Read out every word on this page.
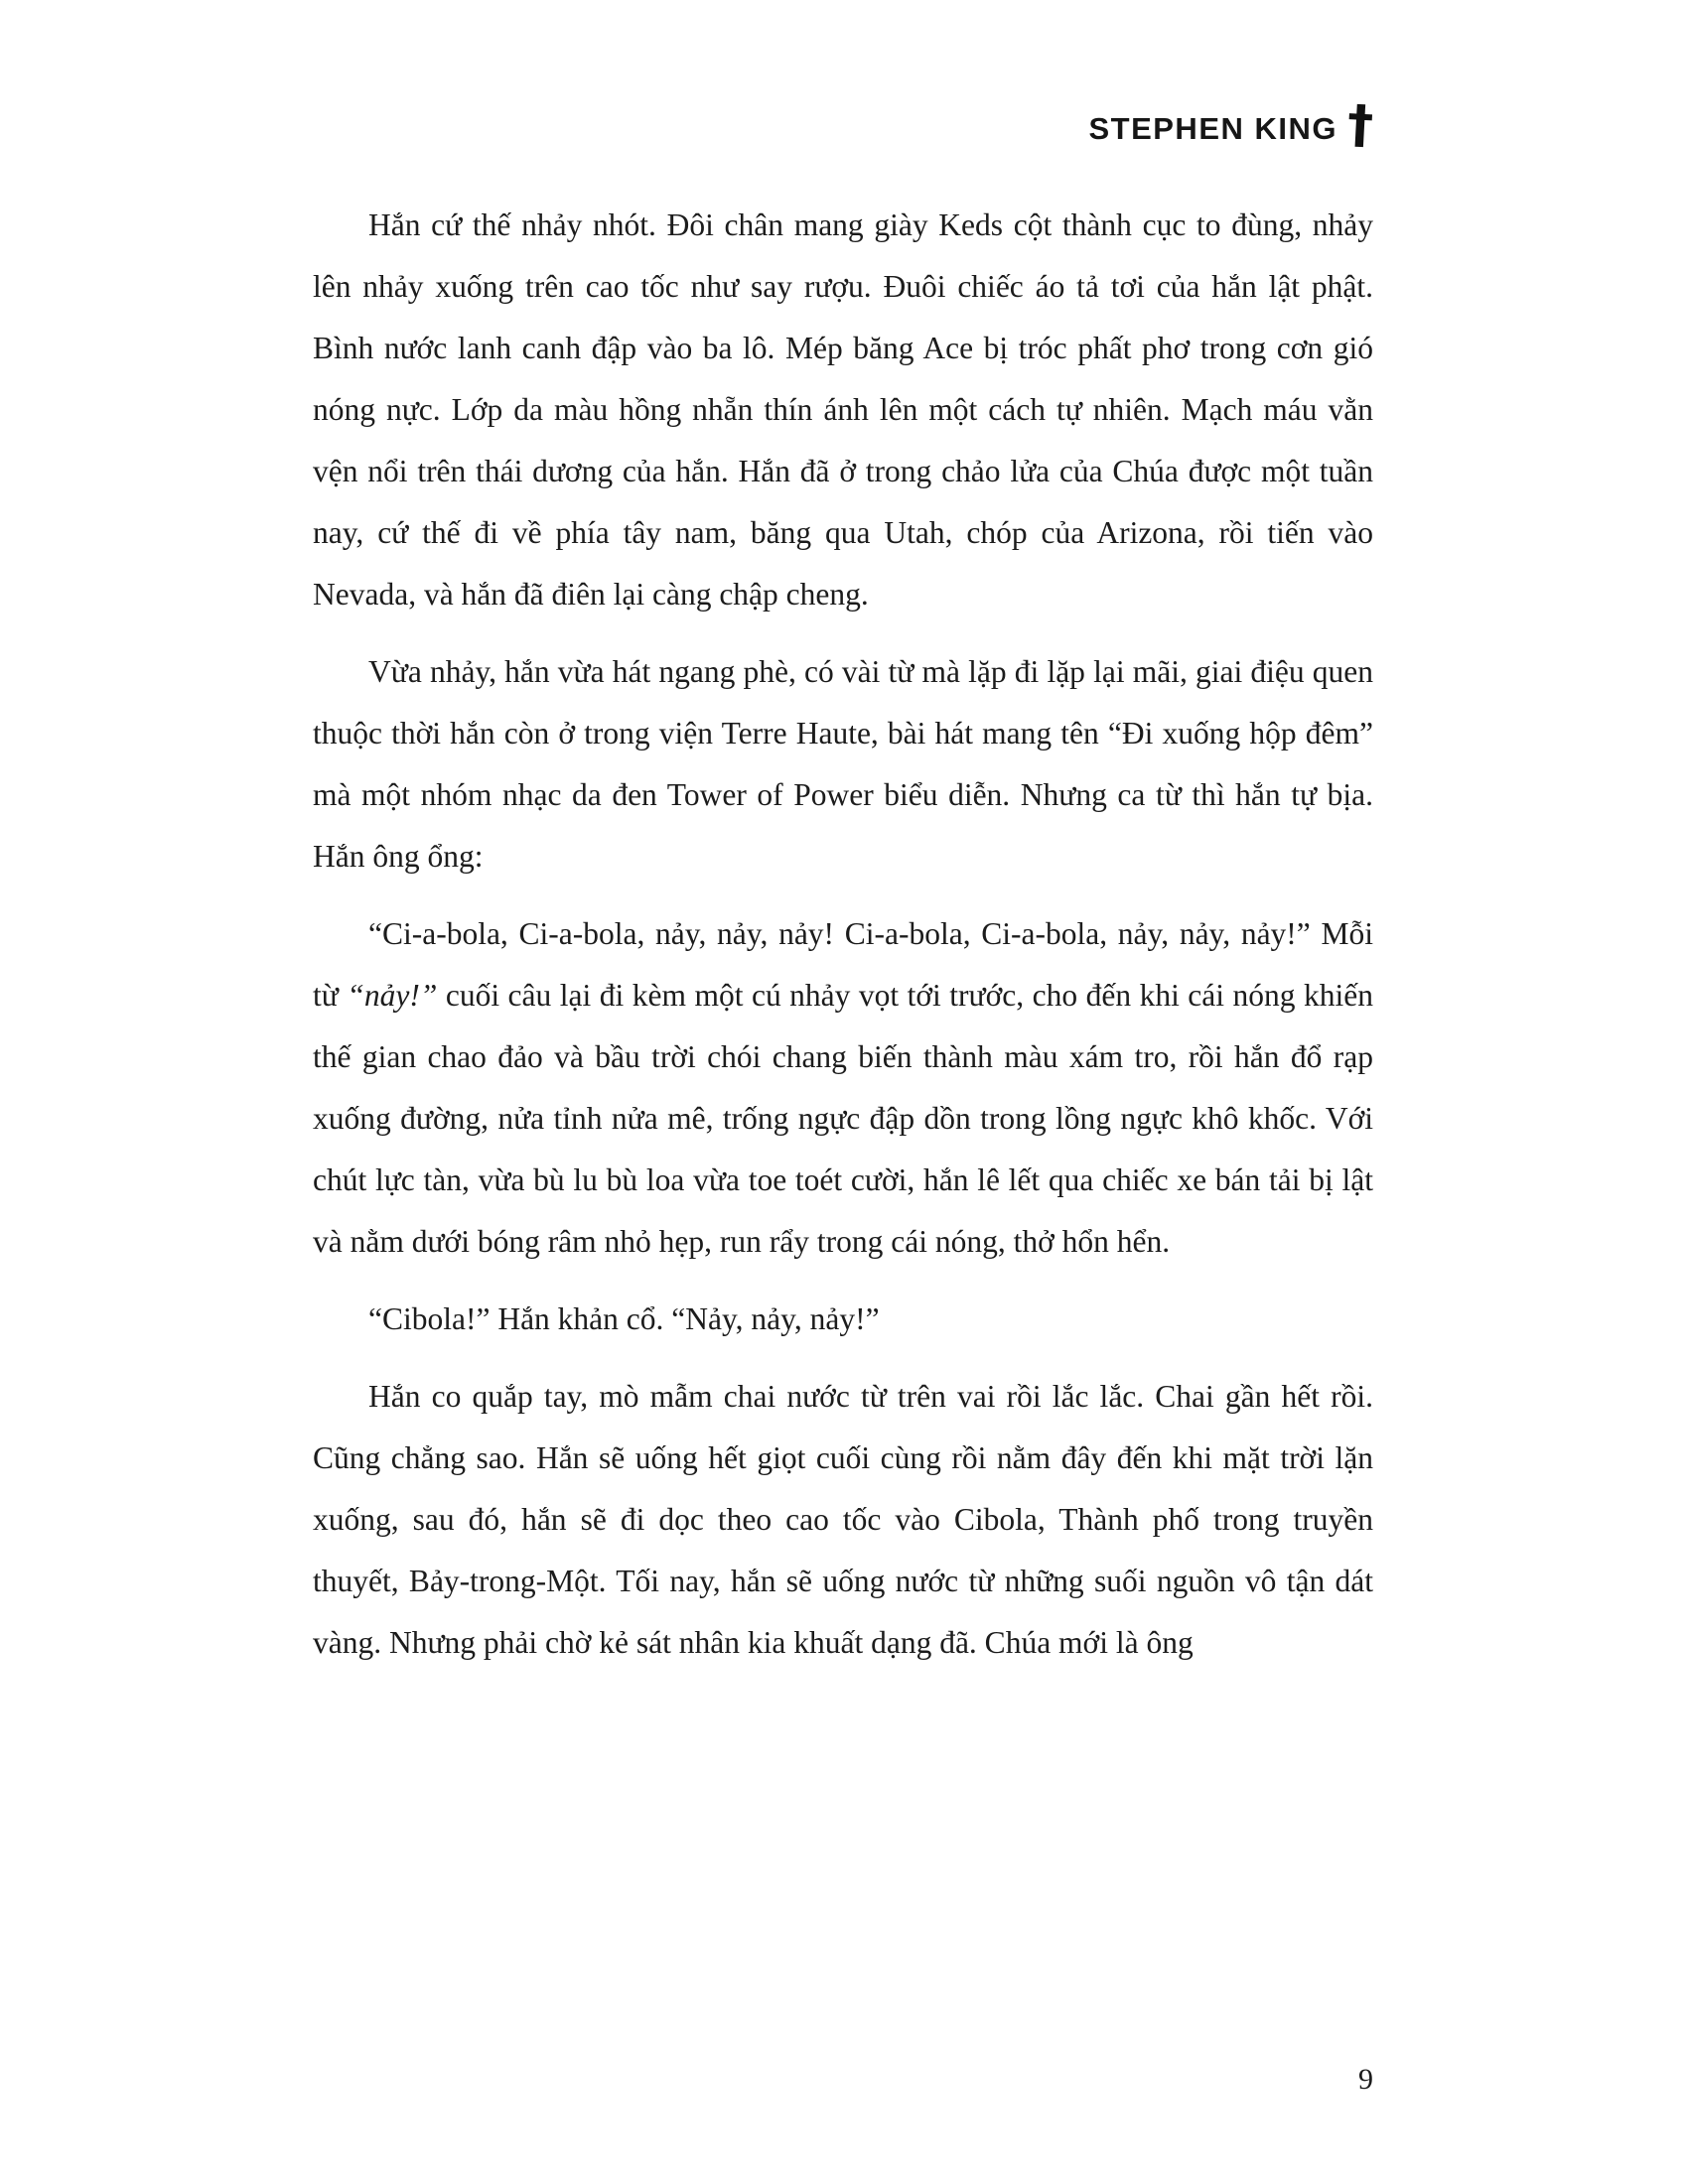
STEPHEN KING †

Hắn cứ thế nhảy nhót. Đôi chân mang giày Keds cột thành cục to đùng, nhảy lên nhảy xuống trên cao tốc như say rượu. Đuôi chiếc áo tả tơi của hắn lật phật. Bình nước lanh canh đập vào ba lô. Mép băng Ace bị tróc phất phơ trong cơn gió nóng nực. Lớp da màu hồng nhẵn thín ánh lên một cách tự nhiên. Mạch máu vằn vện nổi trên thái dương của hắn. Hắn đã ở trong chảo lửa của Chúa được một tuần nay, cứ thế đi về phía tây nam, băng qua Utah, chóp của Arizona, rồi tiến vào Nevada, và hắn đã điên lại càng chập cheng.

Vừa nhảy, hắn vừa hát ngang phè, có vài từ mà lặp đi lặp lại mãi, giai điệu quen thuộc thời hắn còn ở trong viện Terre Haute, bài hát mang tên “Đi xuống hộp đêm” mà một nhóm nhạc da đen Tower of Power biểu diễn. Nhưng ca từ thì hắn tự bịa. Hắn ông ổng:

“Ci-a-bola, Ci-a-bola, nảy, nảy, nảy! Ci-a-bola, Ci-a-bola, nảy, nảy, nảy!” Mỗi từ “nảy!” cuối câu lại đi kèm một cú nhảy vọt tới trước, cho đến khi cái nóng khiến thế gian chao đảo và bầu trời chói chang biến thành màu xám tro, rồi hắn đổ rạp xuống đường, nửa tỉnh nửa mê, trống ngực đập dồn trong lồng ngực khô khốc. Với chút lực tàn, vừa bù lu bù loa vừa toe toét cười, hắn lê lết qua chiếc xe bán tải bị lật và nằm dưới bóng râm nhỏ hẹp, run rẩy trong cái nóng, thở hổn hển.

“Cibola!” Hắn khản cổ. “Nảy, nảy, nảy!”

Hắn co quắp tay, mò mẫm chai nước từ trên vai rồi lắc lắc. Chai gần hết rồi. Cũng chẳng sao. Hắn sẽ uống hết giọt cuối cùng rồi nằm đây đến khi mặt trời lặn xuống, sau đó, hắn sẽ đi dọc theo cao tốc vào Cibola, Thành phố trong truyền thuyết, Bảy-trong-Một. Tối nay, hắn sẽ uống nước từ những suối nguồn vô tận dát vàng. Nhưng phải chờ kẻ sát nhân kia khuất dạng đã. Chúa mới là ông

9
